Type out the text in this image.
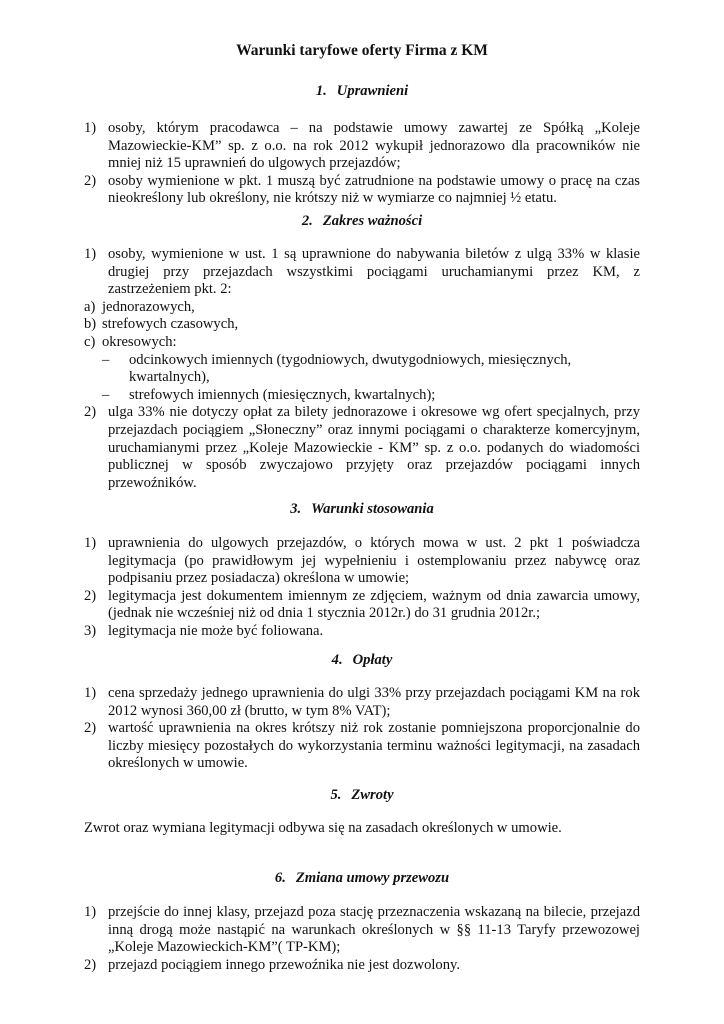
Warunki taryfowe oferty Firma z KM
1. Uprawnieni
1) osoby, którym pracodawca – na podstawie umowy zawartej ze Spółką „Koleje Mazowieckie-KM” sp. z o.o. na rok 2012 wykupił jednorazowo dla pracowników nie mniej niż 15 uprawnień do ulgowych przejazdów;
2) osoby wymienione w pkt. 1 muszą być zatrudnione na podstawie umowy o pracę na czas nieokreślony lub określony, nie krótszy niż w wymiarze co najmniej ½ etatu.
2. Zakres ważności
1) osoby, wymienione w ust. 1 są uprawnione do nabywania biletów z ulgą 33% w klasie drugiej przy przejazdach wszystkimi pociągami uruchamianymi przez KM, z zastrzeżeniem pkt. 2:
a) jednorazowych,
b) strefowych czasowych,
c) okresowych:
– odcinkowych imiennych (tygodniowych, dwutygodniowych, miesięcznych, kwartalnych),
– strefowych imiennych (miesięcznych, kwartalnych);
2) ulga 33% nie dotyczy opłat za bilety jednorazowe i okresowe wg ofert specjalnych, przy przejazdach pociągiem „Słoneczny” oraz innymi pociągami o charakterze komercyjnym, uruchamianymi przez „Koleje Mazowieckie - KM” sp. z o.o. podanych do wiadomości publicznej w sposób zwyczajowo przyjęty oraz przejazdów pociągami innych przewoźników.
3. Warunki stosowania
1) uprawnienia do ulgowych przejazdów, o których mowa w ust. 2 pkt 1 poświadcza legitymacja (po prawidłowym jej wypełnieniu i ostemplowaniu przez nabywcę oraz podpisaniu przez posiadacza) określona w umowie;
2) legitymacja jest dokumentem imiennym ze zdjęciem, ważnym od dnia zawarcia umowy, (jednak nie wcześniej niż od dnia 1 stycznia 2012r.) do 31 grudnia 2012r.;
3) legitymacja nie może być foliowana.
4. Opłaty
1) cena sprzedaży jednego uprawnienia do ulgi 33% przy przejazdach pociągami KM na rok 2012 wynosi 360,00 zł (brutto, w tym 8% VAT);
2) wartość uprawnienia na okres krótszy niż rok zostanie pomniejszona proporcjonalnie do liczby miesięcy pozostałych do wykorzystania terminu ważności legitymacji, na zasadach określonych w umowie.
5. Zwroty
Zwrot oraz wymiana legitymacji odbywa się na zasadach określonych w umowie.
6. Zmiana umowy przewozu
1) przejście do innej klasy, przejazd poza stację przeznaczenia wskazaną na bilecie, przejazd inną drogą może nastąpić na warunkach określonych w §§ 11-13 Taryfy przewozowej „Koleje Mazowieckich-KM”( TP-KM);
2) przejazd pociągiem innego przewoźnika nie jest dozwolony.
